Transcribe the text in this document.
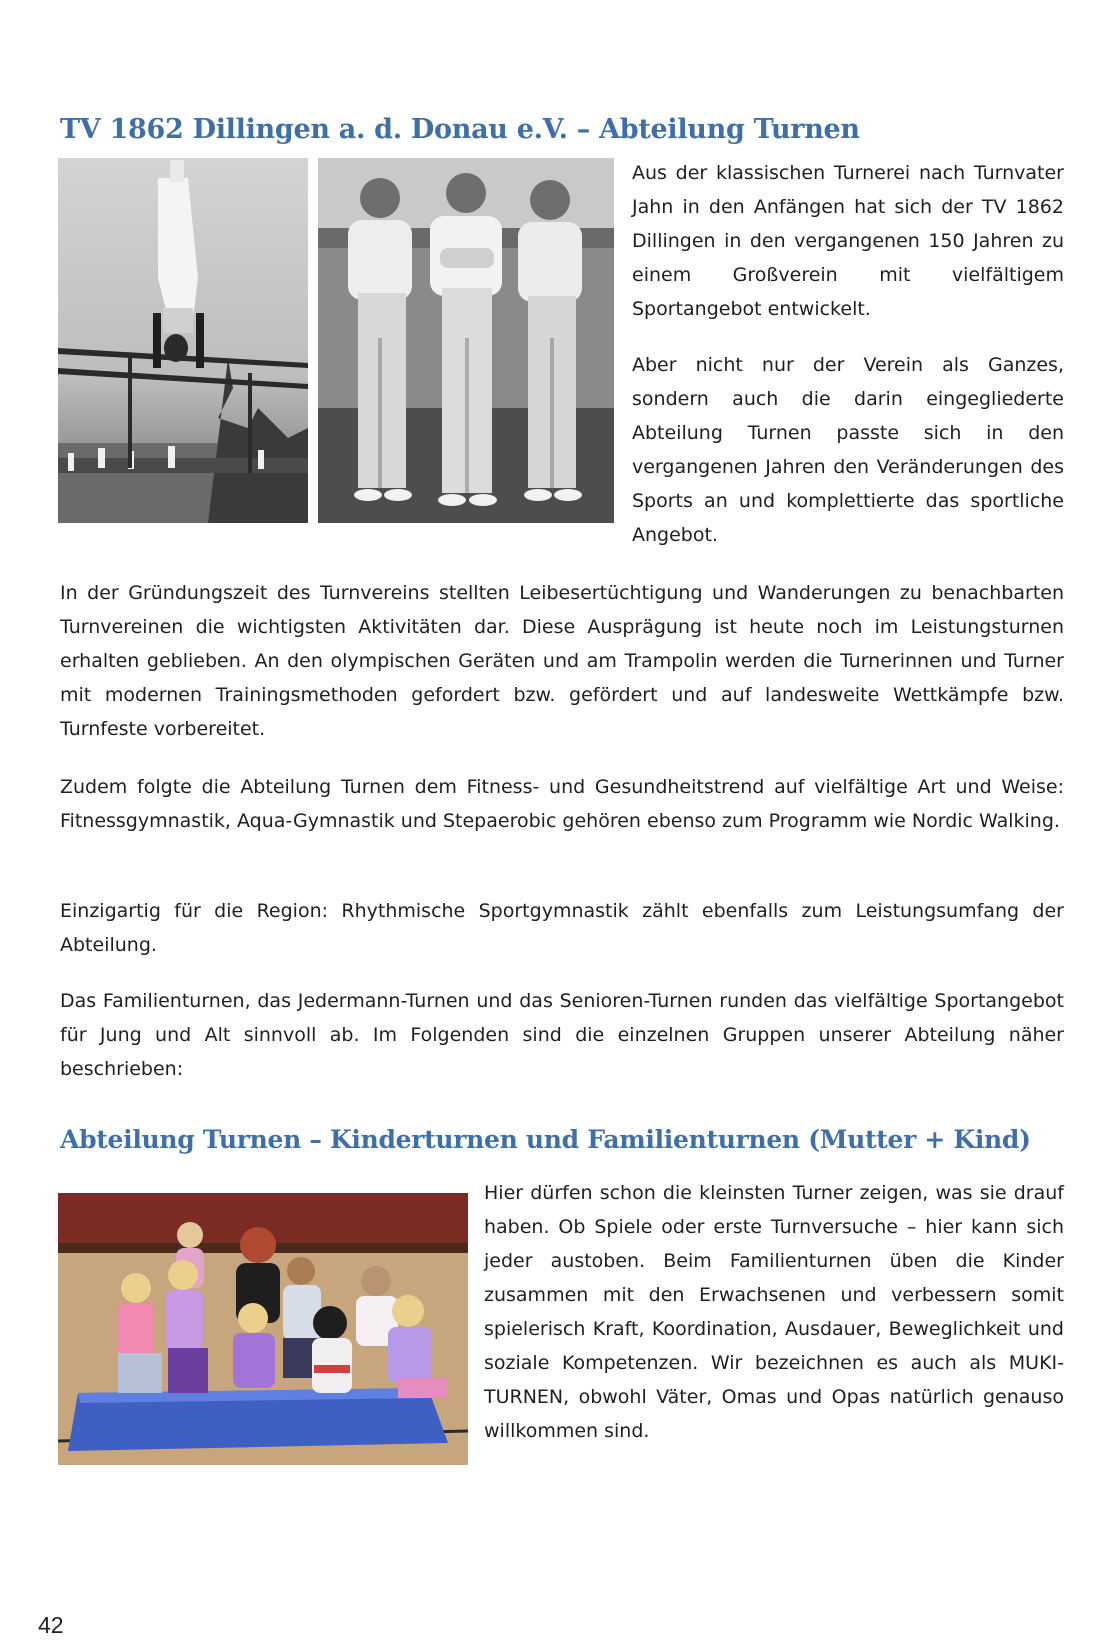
TV 1862 Dillingen a. d. Donau e.V. – Abteilung Turnen

Aus der klassischen Turnerei nach Turnvater Jahn in den Anfängen hat sich der TV 1862 Dillingen in den vergangenen 150 Jahren zu einem Großverein mit vielfältigem Sportangebot entwickelt.

Aber nicht nur der Verein als Ganzes, sondern auch die darin eingegliederte Abteilung Turnen passte sich in den vergangenen Jahren den Veränderungen des Sports an und komplettierte das sportliche Angebot.

In der Gründungszeit des Turnvereins stellten Leibesertüchtigung und Wanderungen zu benachbarten Turnvereinen die wichtigsten Aktivitäten dar. Diese Ausprägung ist heute noch im Leistungsturnen erhalten geblieben. An den olympischen Geräten und am Trampolin werden die Turnerinnen und Turner mit modernen Trainingsmethoden gefordert bzw. gefördert und auf landesweite Wettkämpfe bzw. Turnfeste vorbereitet.

Zudem folgte die Abteilung Turnen dem Fitness- und Gesundheitstrend auf vielfältige Art und Weise: Fitnessgymnastik, Aqua-Gymnastik und Stepaerobic gehören ebenso zum Programm wie Nordic Walking.

Einzigartig für die Region: Rhythmische Sportgymnastik zählt ebenfalls zum Leistungsumfang der Abteilung.

Das Familienturnen, das Jedermann-Turnen und das Senioren-Turnen runden das vielfältige Sportangebot für Jung und Alt sinnvoll ab. Im Folgenden sind die einzelnen Gruppen unserer Abteilung näher beschrieben:

Abteilung Turnen – Kinderturnen und Familienturnen (Mutter + Kind)

Hier dürfen schon die kleinsten Turner zeigen, was sie drauf haben. Ob Spiele oder erste Turnversuche – hier kann sich jeder austoben. Beim Familienturnen üben die Kinder zusammen mit den Erwachsenen und verbessern somit spielerisch Kraft, Koordination, Ausdauer, Beweglichkeit und soziale Kompetenzen. Wir bezeichnen es auch als MUKI-TURNEN, obwohl Väter, Omas und Opas natürlich genauso willkommen sind.

42
